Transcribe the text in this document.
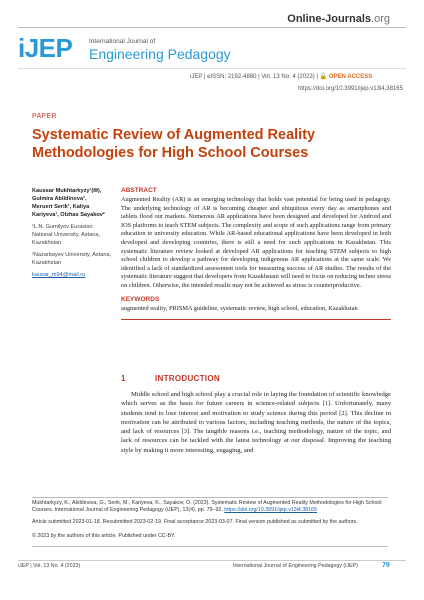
Online-Journals.org
iJEP	International Journal of
Engineering Pedagogy
iJEP | eISSN: 2192-4880 | Vol. 13 No. 4 (2023) | 🔓 OPEN ACCESS
https://doi.org/10.3991/ijep.v13i4.38165
PAPER
Systematic Review of Augmented Reality Methodologies for High School Courses
Kaussar Mukhtarkyzy¹(✉),
Gulmira Abildinova¹,
Meruert Serik¹, Kaliya
Kariyeva¹, Olzhas Sayakov²
¹L.N. Gumilyov Eurasian National University, Astana, Kazakhstan
²Nazarbayev University, Astana, Kazakhstan
kausar_m94@mail.ru
ABSTRACT
Augmented Reality (AR) is an emerging technology that holds vast potential for being used in pedagogy. The underlying technology of AR is becoming cheaper and ubiquitous every day as smartphones and tablets flood our markets. Numerous AR applications have been designed and developed for Android and IOS platforms to teach STEM subjects. The complexity and scope of such applications range from primary education to university education. While AR-based educational applications have been developed in both developed and developing countries, there is still a need for such applications in Kazakhstan. This systematic literature review looked at developed AR applications for teaching STEM subjects to high school children to develop a pathway for developing indigenous AR applications at the same scale. We identified a lack of standardized assessment tools for measuring success of AR studies. The results of the systematic literature suggest that developers from Kazakhstani will need to focus on reducing techno stress on children. Otherwise, the intended results may not be achieved as stress is counterproductive.
KEYWORDS
augmented reality, PRISMA guideline, systematic review, high school, education, Kazakhstan
1	INTRODUCTION
Middle school and high school play a crucial role in laying the foundation of scientific knowledge which serves as the basis for future careers in science-related subjects [1]. Unfortunately, many students tend to lose interest and motivation to study science during this period [2]. This decline in motivation can be attributed to various factors, including teaching methods, the nature of the topics, and lack of resources [3]. The tangible reasons i.e., teaching methodology, nature of the topic, and lack of resources can be tackled with the latest technology at our disposal. Improving the teaching style by making it more interesting, engaging, and
Mukhtarkyzy, K., Abildinova, G., Serik, M., Kariyeva, K., Sayakov, O. (2023). Systematic Review of Augmented Reality Methodologies for High School Courses. International Journal of Engineering Pedagogy (iJEP), 13(4), pp. 79–92. https://doi.org/10.3991/ijep.v13i4.38165
Article submitted 2023-01-18. Resubmitted 2023-02-19. Final acceptance 2023-03-07. Final version published as submitted by the authors.
© 2023 by the authors of this article. Published under CC-BY.
iJEP | Vol. 13 No. 4 (2023)	International Journal of Engineering Pedagogy (iJEP)	79
